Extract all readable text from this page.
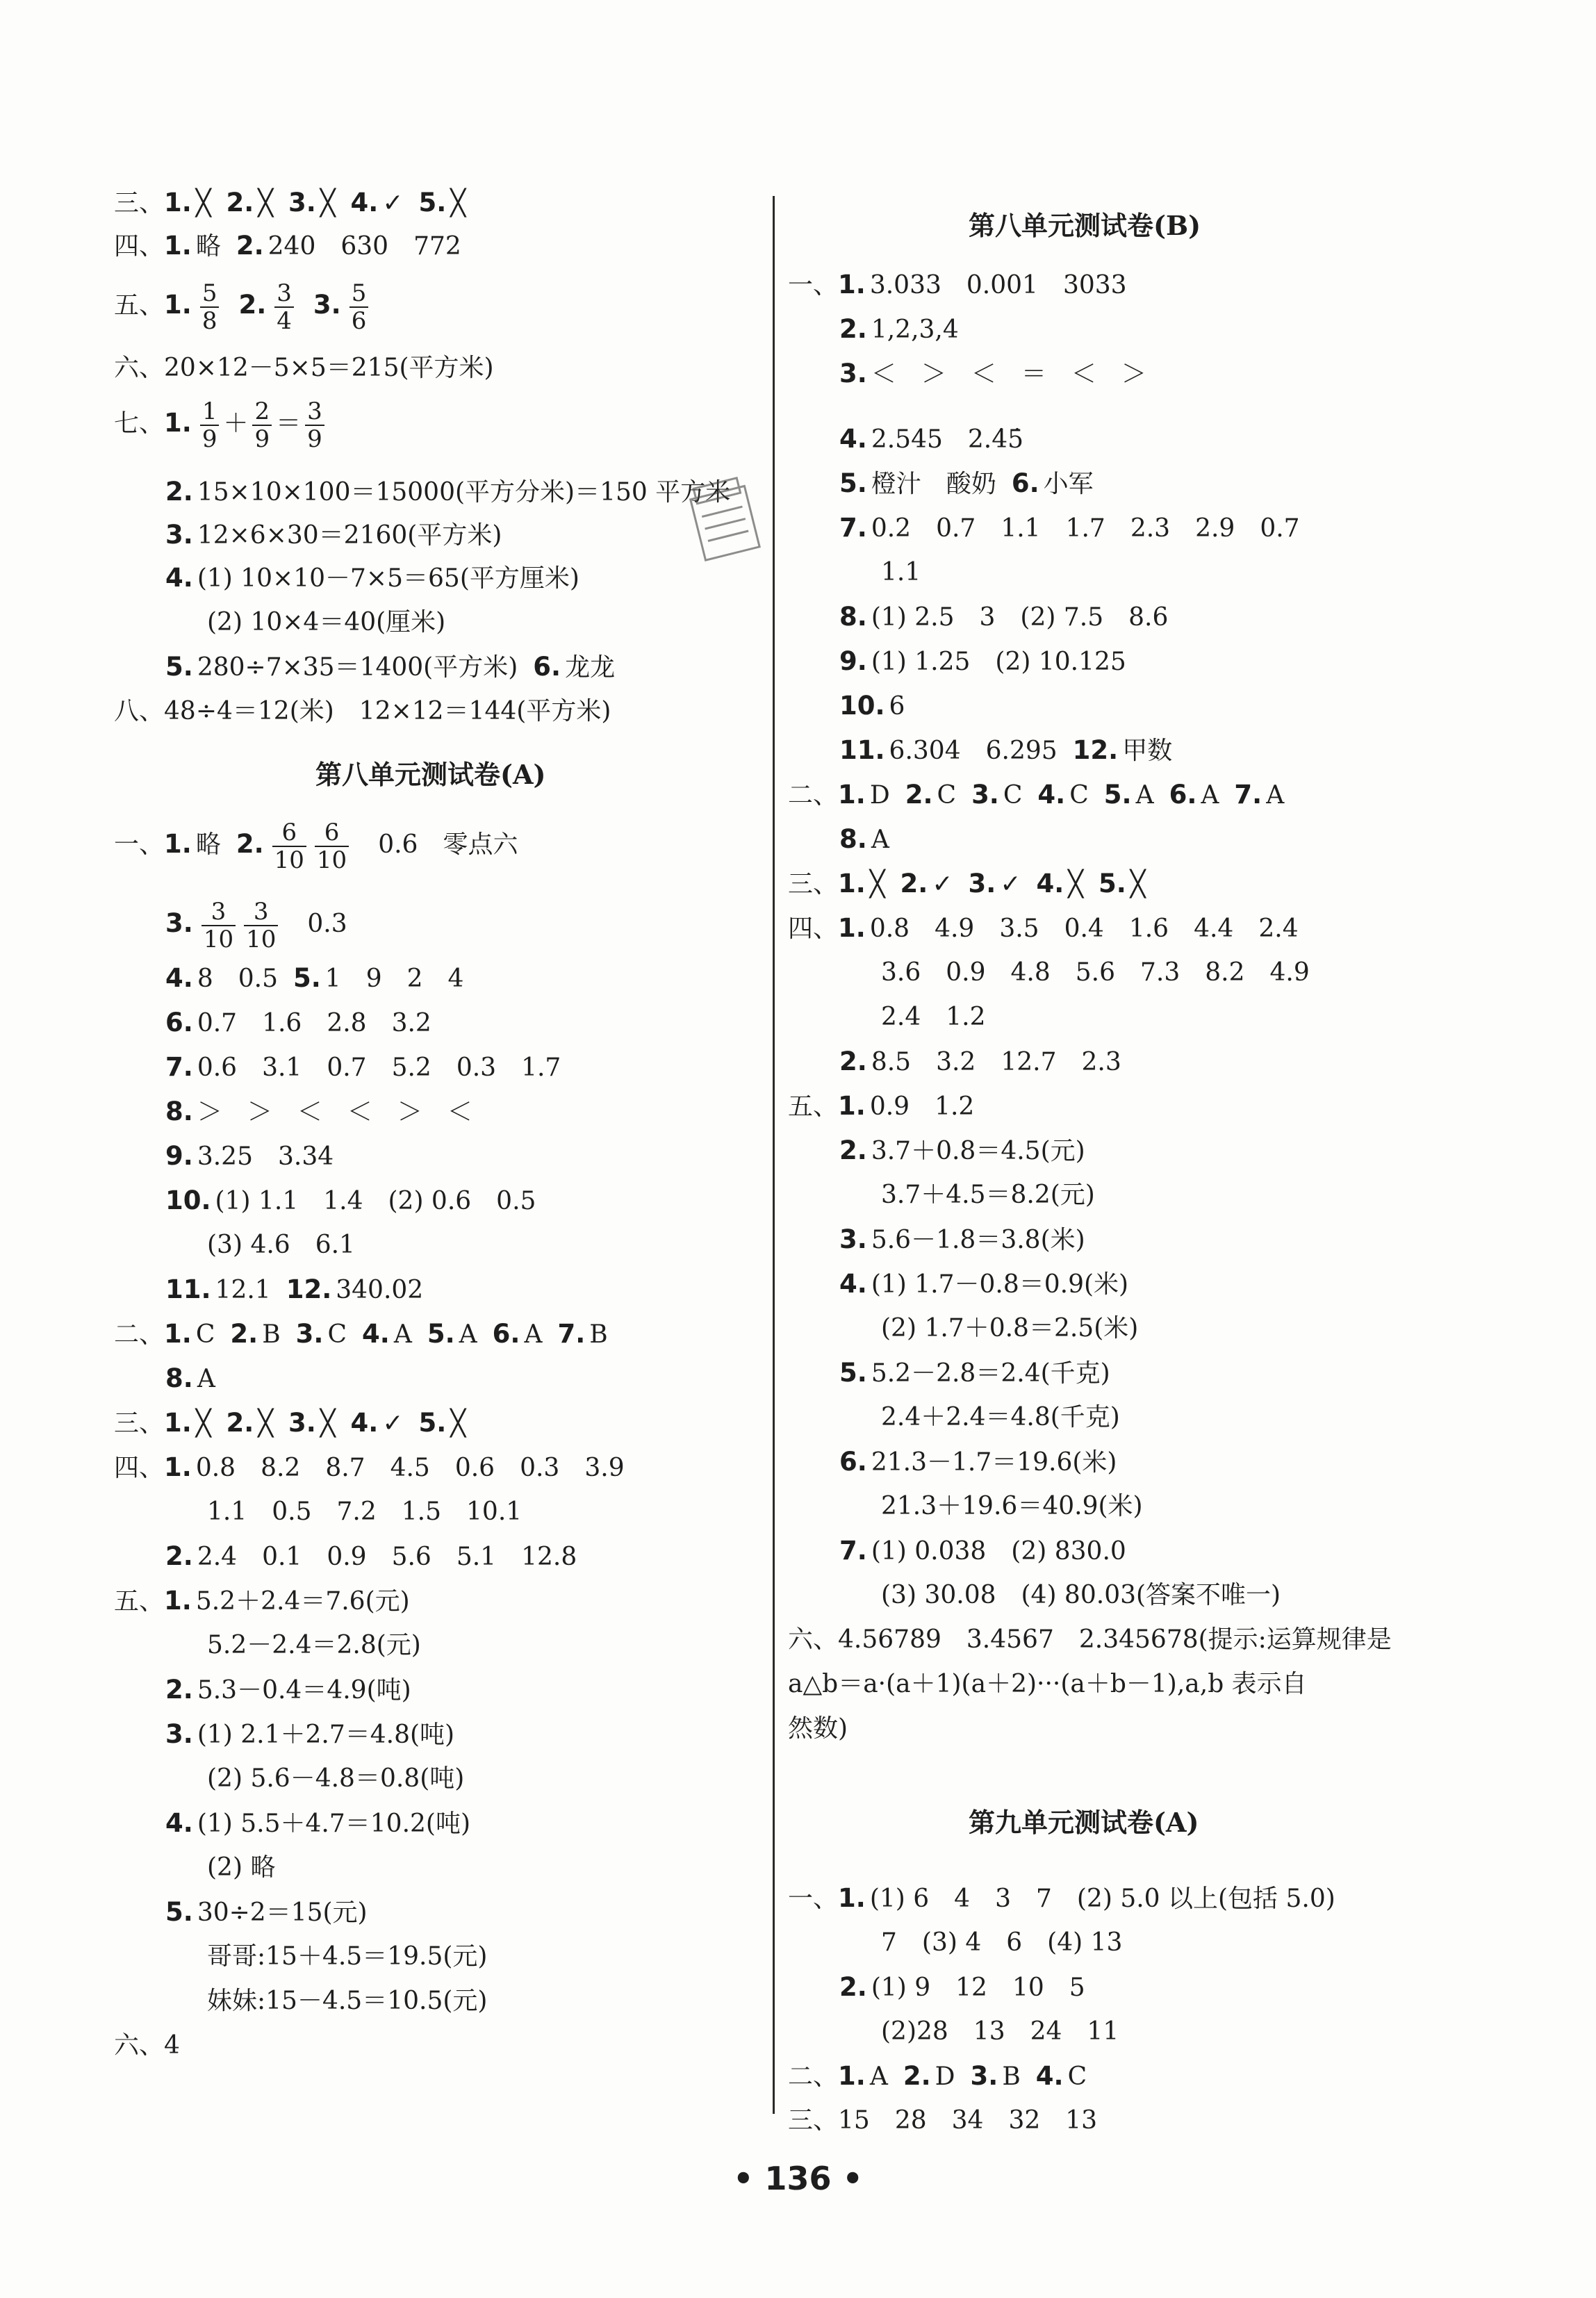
三、1. ╳ 2. ╳ 3. ╳ 4. ✓ 5. ╳
四、1. 略 2. 240　630　772
五、1. $\frac{5}{8} 2$. $\frac{3}{4} 3$. $\frac{5}{6}$
六、20×12－5×5＝215(平方米)
七、1. $\frac{1}{9} + \frac{2}{9} = \frac{3}{9}$
2. 15×10×100＝15000(平方分米)＝150 平方米
3. 12×6×30＝2160(平方米)
4. (1) 10×10－7×5＝65(平方厘米)
(2) 10×4＝40(厘米)
5. 280÷7×35＝1400(平方米) 6. 龙龙
八、48÷4＝12(米)　12×12＝144(平方米)
第八单元测试卷(A)
一、1. 略 2. $\frac{6}{10} \frac{6}{10}$ 　0.6　零点六
3. $\frac{3}{10} \frac{3}{10}$ 　0.3
4. 8　0.5 5. 1　9　2　4
6. 0.7　1.6　2.8　3.2
7. 0.6　3.1　0.7　5.2　0.3　1.7
8. ＞　＞　＜　＜　＞　＜
9. 3.25　3.34
10. (1) 1.1　1.4　(2) 0.6　0.5
(3) 4.6　6.1
11. 12.1 12. 340.02
二、1. C 2. B 3. C 4. A 5. A 6. A 7. B
8. A
三、1. ╳ 2. ╳ 3. ╳ 4. ✓ 5. ╳
四、1. 0.8　8.2　8.7　4.5　0.6　0.3　3.9
1.1　0.5　7.2　1.5　10.1
2. 2.4　0.1　0.9　5.6　5.1　12.8
五、1. 5.2＋2.4＝7.6(元)
5.2－2.4＝2.8(元)
2. 5.3－0.4＝4.9(吨)
3. (1) 2.1＋2.7＝4.8(吨)
(2) 5.6－4.8＝0.8(吨)
4. (1) 5.5＋4.7＝10.2(吨)
(2) 略
5. 30÷2＝15(元)
哥哥:15＋4.5＝19.5(元)
妹妹:15－4.5＝10.5(元)
六、4
第八单元测试卷(B)
一、1. 3.033　0.001　3033
2. 1,2,3,4
3. ＜　＞　＜　＝　＜　＞
4. 2.545　2.4̇5̇
5. 橙汁　酸奶 6. 小军
7. 0.2　0.7　1.1　1.7　2.3　2.9　0.7
1.1
8. (1) 2.5　3　(2) 7.5　8.6
9. (1) 1.25　(2) 10.125
10. 6
11. 6.304　6.295 12. 甲数
二、1. D 2. C 3. C 4. C 5. A 6. A 7. A
8. A
三、1. ╳ 2. ✓ 3. ✓ 4. ╳ 5. ╳
四、1. 0.8　4.9　3.5　0.4　1.6　4.4　2.4
3.6　0.9　4.8　5.6　7.3　8.2　4.9
2.4　1.2
2. 8.5　3.2　12.7　2.3
五、1. 0.9　1.2
2. 3.7＋0.8＝4.5(元)
3.7＋4.5＝8.2(元)
3. 5.6－1.8＝3.8(米)
4. (1) 1.7－0.8＝0.9(米)
(2) 1.7＋0.8＝2.5(米)
5. 5.2－2.8＝2.4(千克)
2.4＋2.4＝4.8(千克)
6. 21.3－1.7＝19.6(米)
21.3＋19.6＝40.9(米)
7. (1) 0.038　(2) 830.0
(3) 30.08　(4) 80.03(答案不唯一)
六、4.56789　3.4567　2.345678(提示:运算规律是
a△b＝a·(a＋1)(a＋2)···(a＋b－1),a,b 表示自
然数)
第九单元测试卷(A)
一、1. (1) 6　4　3　7　(2) 5.0 以上(包括 5.0)
7　(3) 4　6　(4) 13
2. (1) 9　12　10　5
(2)28　13　24　11
二、1. A 2. D 3. B 4. C
三、15　28　34　32　13
• 136 •
